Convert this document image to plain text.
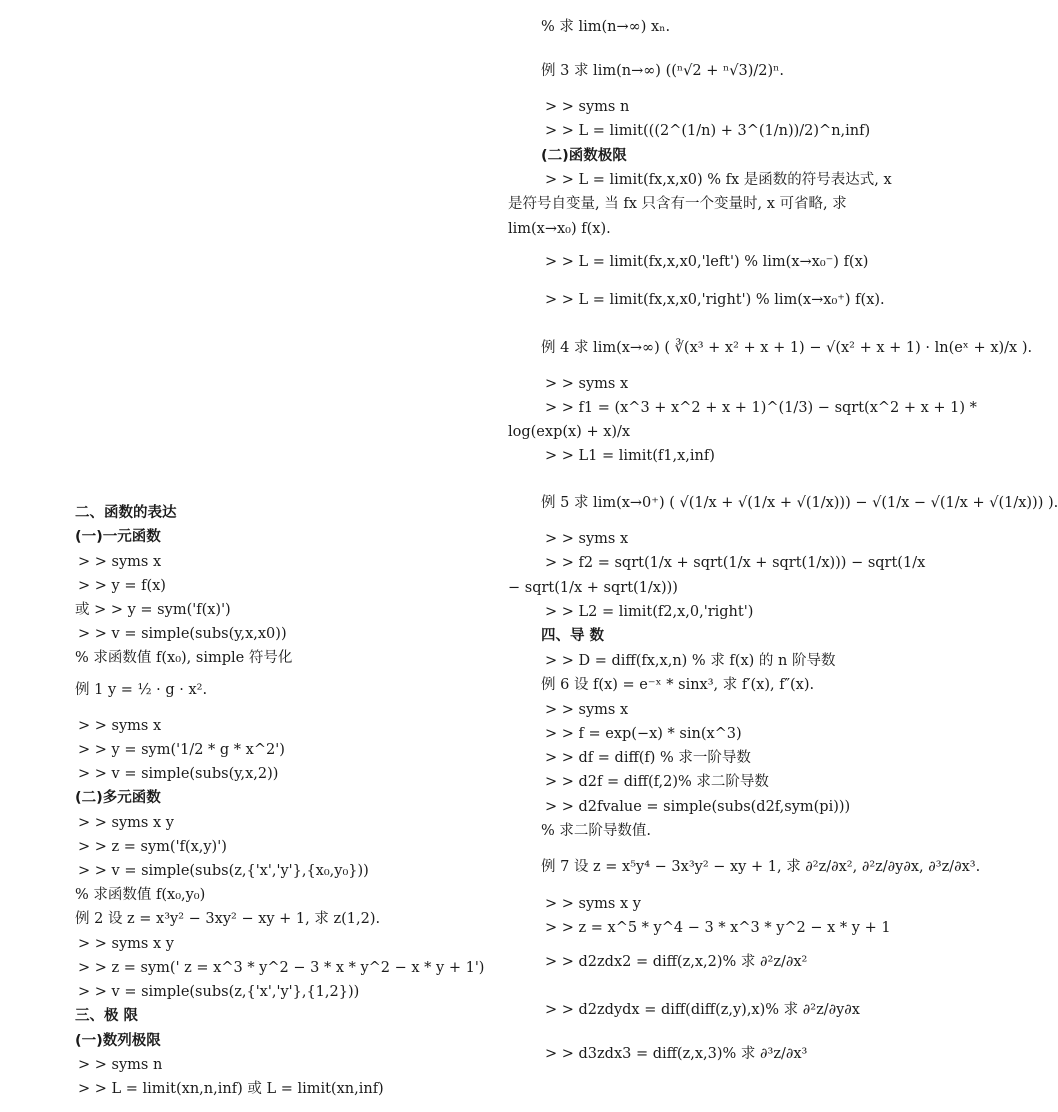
二、函数的表达
(一)一元函数
> > syms x
> > y = f(x)
或 > > y = sym('f(x)')
> > v = simple(subs(y,x,x0))
% 求函数值 f(x₀), simple 符号化
例 1 y = ½ · g · x².
> > syms x
> > y = sym('1/2 * g * x^2')
> > v = simple(subs(y,x,2))
(二)多元函数
> > syms x y
> > z = sym('f(x,y)')
> > v = simple(subs(z,{'x','y'},{x₀,y₀}))
% 求函数值 f(x₀,y₀)
例 2 设 z = x³y² − 3xy² − xy + 1, 求 z(1,2).
> > syms x y
> > z = sym(' z = x^3 * y^2 − 3 * x * y^2 − x * y + 1')
> > v = simple(subs(z,{'x','y'},{1,2}))
三、极 限
(一)数列极限
> > syms n
> > L = limit(xn,n,inf) 或 L = limit(xn,inf)
% 求 lim(n→∞) xₙ.
例 3 求 lim(n→∞) ((ⁿ√2 + ⁿ√3)/2)ⁿ.
> > syms n
> > L = limit(((2^(1/n) + 3^(1/n))/2)^n,inf)
(二)函数极限
> > L = limit(fx,x,x0) % fx 是函数的符号表达式, x
是符号自变量, 当 fx 只含有一个变量时, x 可省略, 求
lim(x→x₀) f(x).
> > L = limit(fx,x,x0,'left') % lim(x→x₀⁻) f(x)
> > L = limit(fx,x,x0,'right') % lim(x→x₀⁺) f(x).
例 4 求 lim(x→∞) ( ∛(x³ + x² + x + 1) − √(x² + x + 1) · ln(eˣ + x)/x ).
> > syms x
> > f1 = (x^3 + x^2 + x + 1)^(1/3) − sqrt(x^2 + x + 1) *
log(exp(x) + x)/x
> > L1 = limit(f1,x,inf)
例 5 求 lim(x→0⁺) ( √(1/x + √(1/x + √(1/x))) − √(1/x − √(1/x + √(1/x))) ).
> > syms x
> > f2 = sqrt(1/x + sqrt(1/x + sqrt(1/x))) − sqrt(1/x
− sqrt(1/x + sqrt(1/x)))
> > L2 = limit(f2,x,0,'right')
四、导 数
> > D = diff(fx,x,n) % 求 f(x) 的 n 阶导数
例 6 设 f(x) = e⁻ˣ * sinx³, 求 f′(x), f″(x).
> > syms x
> > f = exp(−x) * sin(x^3)
> > df = diff(f) % 求一阶导数
> > d2f = diff(f,2)% 求二阶导数
> > d2fvalue = simple(subs(d2f,sym(pi)))
% 求二阶导数值.
例 7 设 z = x⁵y⁴ − 3x³y² − xy + 1, 求 ∂²z/∂x², ∂²z/∂y∂x, ∂³z/∂x³.
> > syms x y
> > z = x^5 * y^4 − 3 * x^3 * y^2 − x * y + 1
> > d2zdx2 = diff(z,x,2)% 求 ∂²z/∂x²
> > d2zdydx = diff(diff(z,y),x)% 求 ∂²z/∂y∂x
> > d3zdx3 = diff(z,x,3)% 求 ∂³z/∂x³
